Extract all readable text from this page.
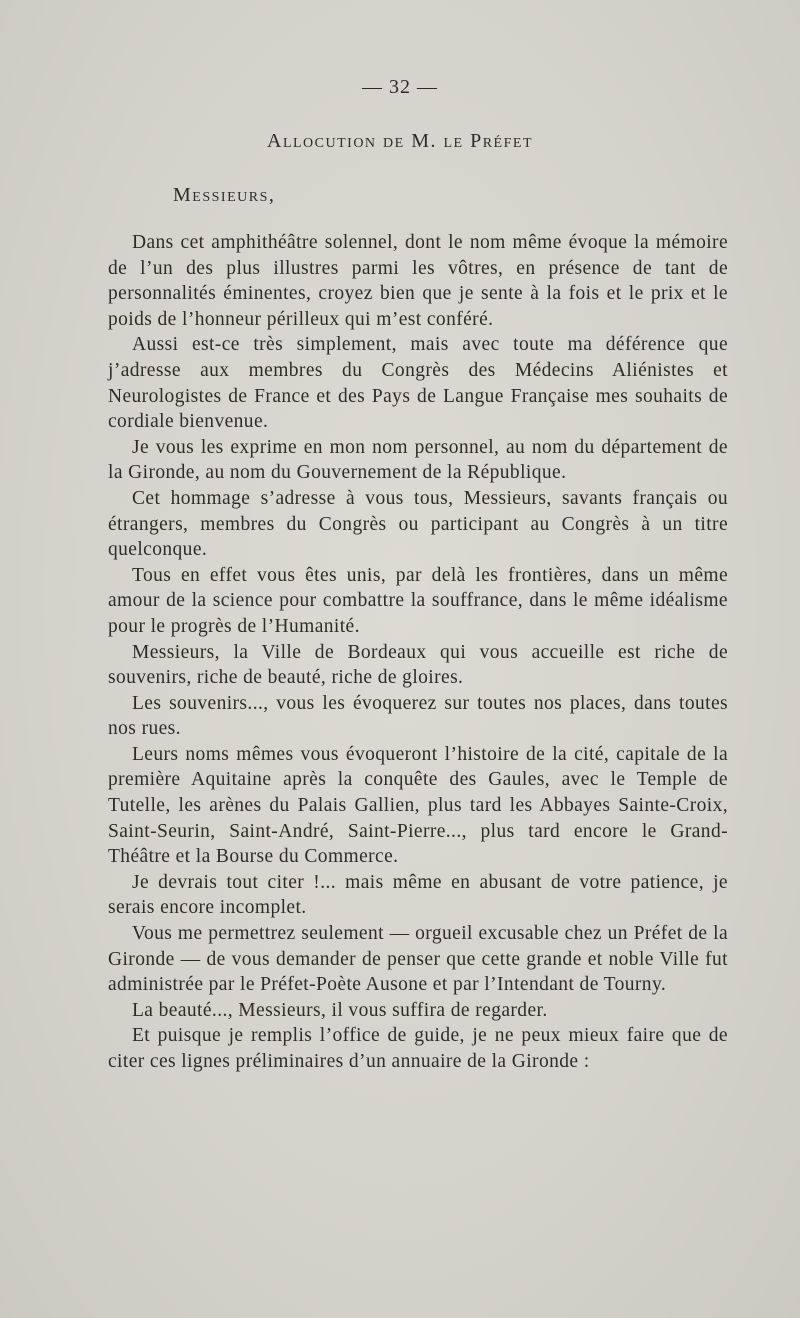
— 32 —
Allocution de M. le Préfet
Messieurs,

Dans cet amphithéâtre solennel, dont le nom même évoque la mémoire de l’un des plus illustres parmi les vôtres, en présence de tant de personnalités éminentes, croyez bien que je sente à la fois et le prix et le poids de l’honneur périlleux qui m’est conféré.

Aussi est-ce très simplement, mais avec toute ma déférence que j’adresse aux membres du Congrès des Médecins Aliénistes et Neurologistes de France et des Pays de Langue Française mes souhaits de cordiale bienvenue.

Je vous les exprime en mon nom personnel, au nom du département de la Gironde, au nom du Gouvernement de la République.

Cet hommage s’adresse à vous tous, Messieurs, savants français ou étrangers, membres du Congrès ou participant au Congrès à un titre quelconque.

Tous en effet vous êtes unis, par delà les frontières, dans un même amour de la science pour combattre la souffrance, dans le même idéalisme pour le progrès de l’Humanité.

Messieurs, la Ville de Bordeaux qui vous accueille est riche de souvenirs, riche de beauté, riche de gloires.

Les souvenirs..., vous les évoquerez sur toutes nos places, dans toutes nos rues.

Leurs noms mêmes vous évoqueront l’histoire de la cité, capitale de la première Aquitaine après la conquête des Gaules, avec le Temple de Tutelle, les arènes du Palais Gallien, plus tard les Abbayes Sainte-Croix, Saint-Seurin, Saint-André, Saint-Pierre..., plus tard encore le Grand-Théâtre et la Bourse du Commerce.

Je devrais tout citer !... mais même en abusant de votre patience, je serais encore incomplet.

Vous me permettrez seulement — orgueil excusable chez un Préfet de la Gironde — de vous demander de penser que cette grande et noble Ville fut administrée par le Préfet-Poète Ausone et par l’Intendant de Tourny.

La beauté..., Messieurs, il vous suffira de regarder.

Et puisque je remplis l’office de guide, je ne peux mieux faire que de citer ces lignes préliminaires d’un annuaire de la Gironde :
